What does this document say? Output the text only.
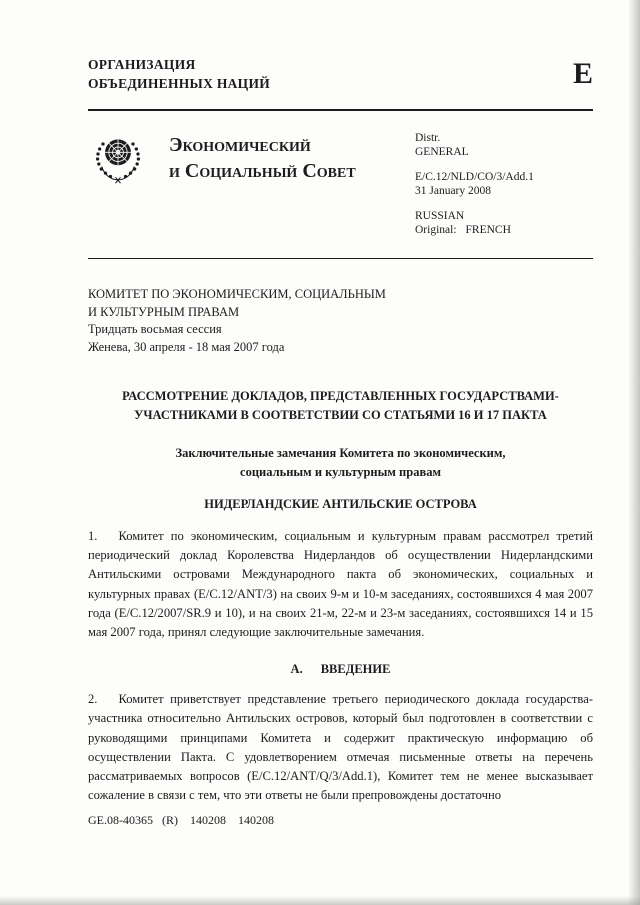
ОРГАНИЗАЦИЯ
ОБЪЕДИНЕННЫХ НАЦИЙ	E
Экономический
и Социальный Совет
Distr.
GENERAL
E/C.12/NLD/CO/3/Add.1
31 January 2008
RUSSIAN
Original: FRENCH
КОМИТЕТ ПО ЭКОНОМИЧЕСКИМ, СОЦИАЛЬНЫМ
И КУЛЬТУРНЫМ ПРАВАМ
Тридцать восьмая сессия
Женева, 30 апреля - 18 мая 2007 года
РАССМОТРЕНИЕ ДОКЛАДОВ, ПРЕДСТАВЛЕННЫХ ГОСУДАРСТВАМИ-
УЧАСТНИКАМИ В СООТВЕТСТВИИ СО СТАТЬЯМИ 16 И 17 ПАКТА
Заключительные замечания Комитета по экономическим,
социальным и культурным правам
НИДЕРЛАНДСКИЕ АНТИЛЬСКИЕ ОСТРОВА

1. Комитет по экономическим, социальным и культурным правам рассмотрел третий периодический доклад Королевства Нидерландов об осуществлении Нидерландскими Антильскими островами Международного пакта об экономических, социальных и культурных правах (E/C.12/ANT/3) на своих 9-м и 10-м заседаниях, состоявшихся 4 мая 2007 года (E/C.12/2007/SR.9 и 10), и на своих 21-м, 22-м и 23-м заседаниях, состоявшихся 14 и 15 мая 2007 года, принял следующие заключительные замечания.

A. ВВЕДЕНИЕ

2. Комитет приветствует представление третьего периодического доклада государства-участника относительно Антильских островов, который был подготовлен в соответствии с руководящими принципами Комитета и содержит практическую информацию об осуществлении Пакта. С удовлетворением отмечая письменные ответы на перечень рассматриваемых вопросов (E/C.12/ANT/Q/3/Add.1), Комитет тем не менее высказывает сожаление в связи с тем, что эти ответы не были препровождены достаточно

GE.08-40365   (R)    140208    140208
